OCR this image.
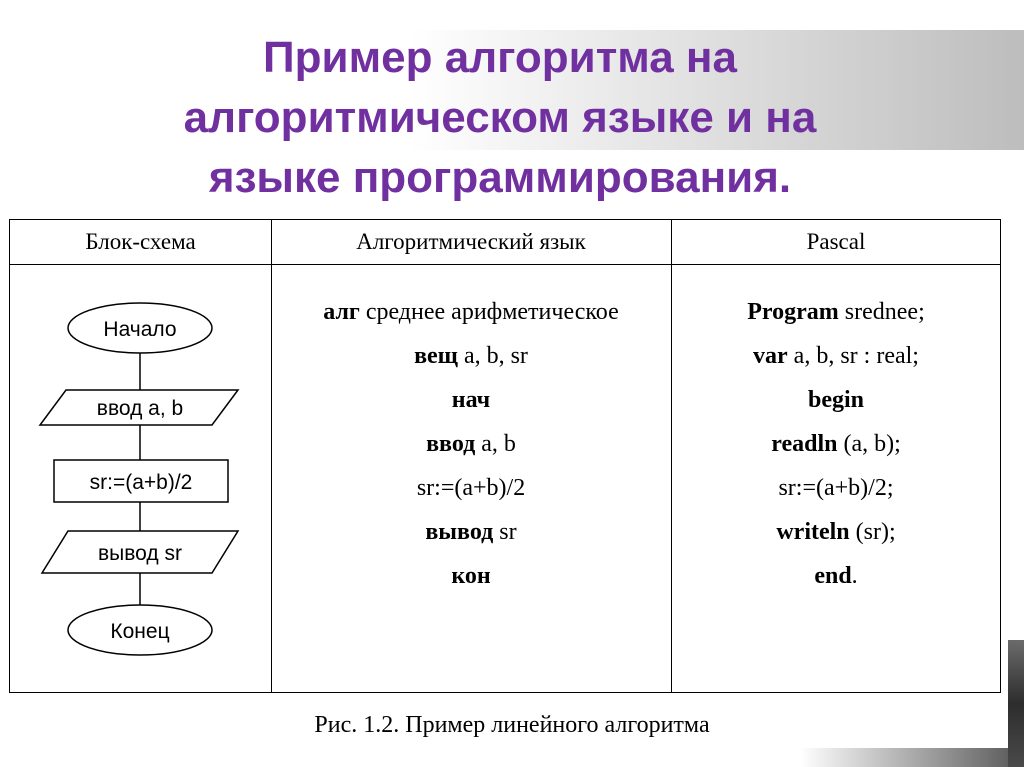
Пример алгоритма на
алгоритмическом языке и на
языке программирования.
Блок-схема	Алгоритмический язык	Pascal
Начало
ввод a, b
sr:=(a+b)/2
вывод sr
Конец
алг среднее арифметическое
вещ a, b, sr
нач
ввод a, b
sr:=(a+b)/2
вывод sr
кон
Program srednee;
var a, b, sr : real;
begin
readln (a, b);
sr:=(a+b)/2;
writeln (sr);
end.
Рис. 1.2. Пример линейного алгоритма
